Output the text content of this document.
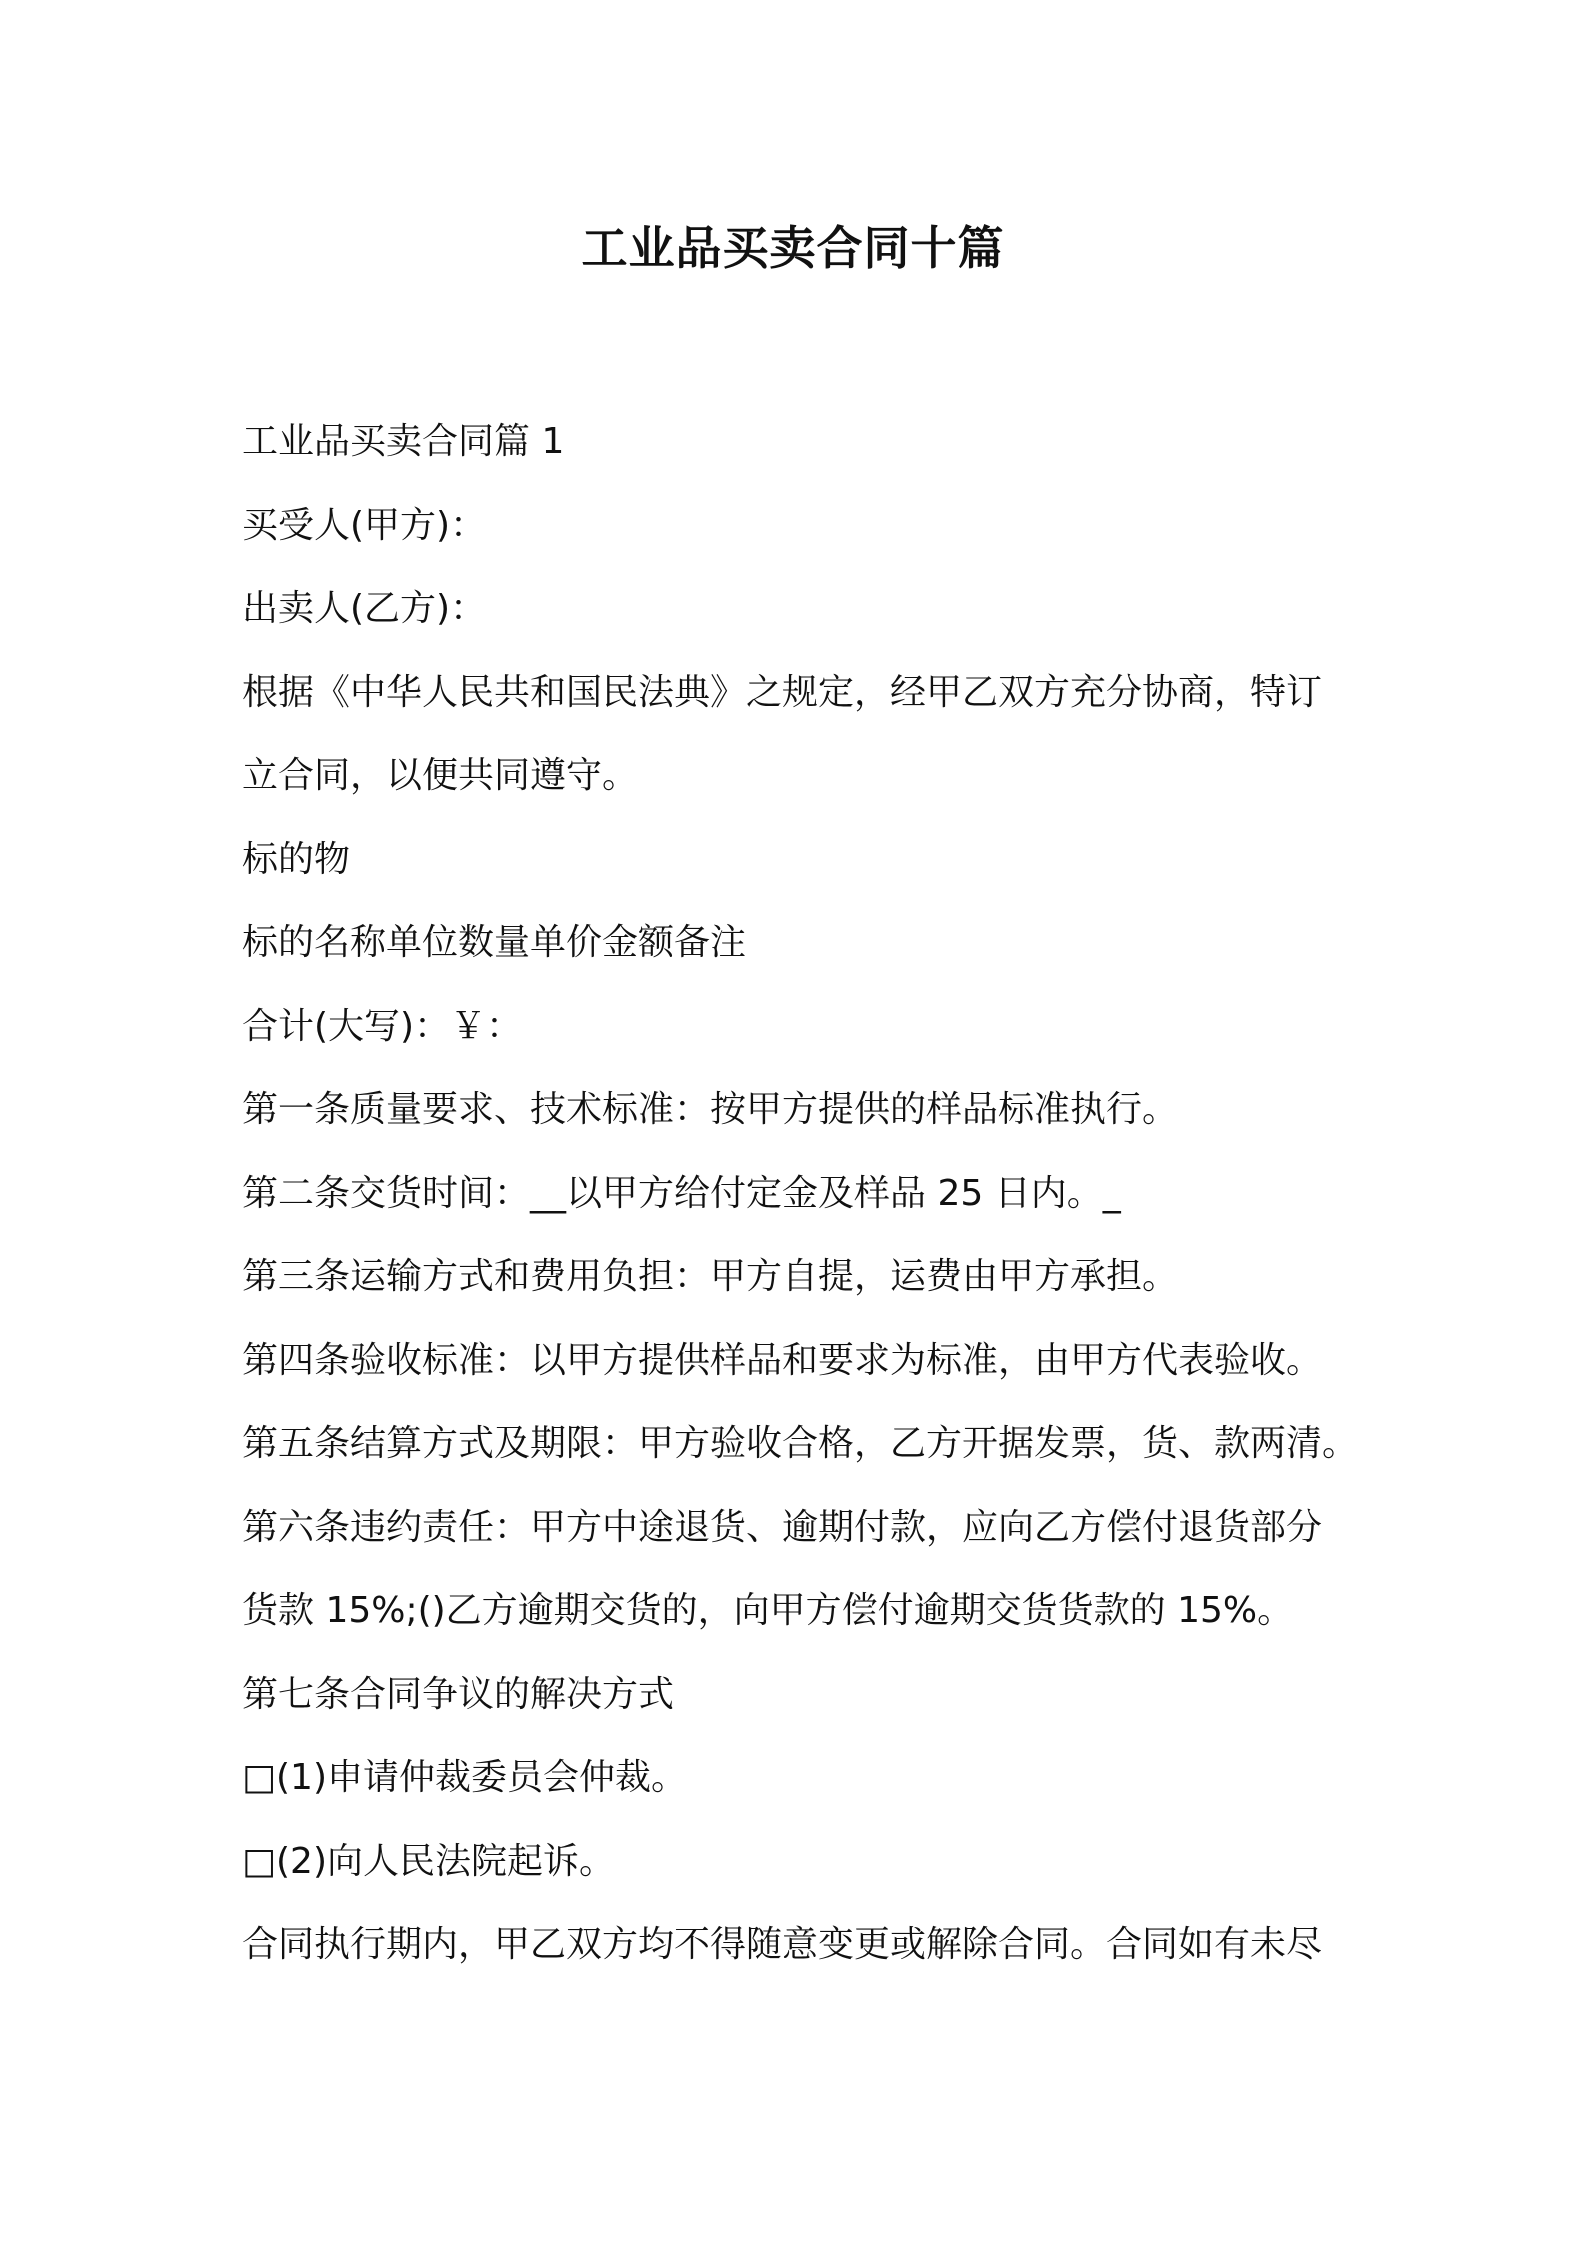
工业品买卖合同十篇

工业品买卖合同篇 1

买受人(甲方)：

出卖人(乙方)：

根据《中华人民共和国民法典》之规定，经甲乙双方充分协商，特订

立合同，以便共同遵守。

标的物

标的名称单位数量单价金额备注

合计(大写)：￥：

第一条质量要求、技术标准：按甲方提供的样品标准执行。

第二条交货时间：__以甲方给付定金及样品 25 日内。_

第三条运输方式和费用负担：甲方自提，运费由甲方承担。

第四条验收标准：以甲方提供样品和要求为标准，由甲方代表验收。

第五条结算方式及期限：甲方验收合格，乙方开据发票，货、款两清。

第六条违约责任：甲方中途退货、逾期付款，应向乙方偿付退货部分

货款 15%;()乙方逾期交货的，向甲方偿付逾期交货货款的 15%。

第七条合同争议的解决方式

□(1)申请仲裁委员会仲裁。

□(2)向人民法院起诉。

合同执行期内，甲乙双方均不得随意变更或解除合同。合同如有未尽
